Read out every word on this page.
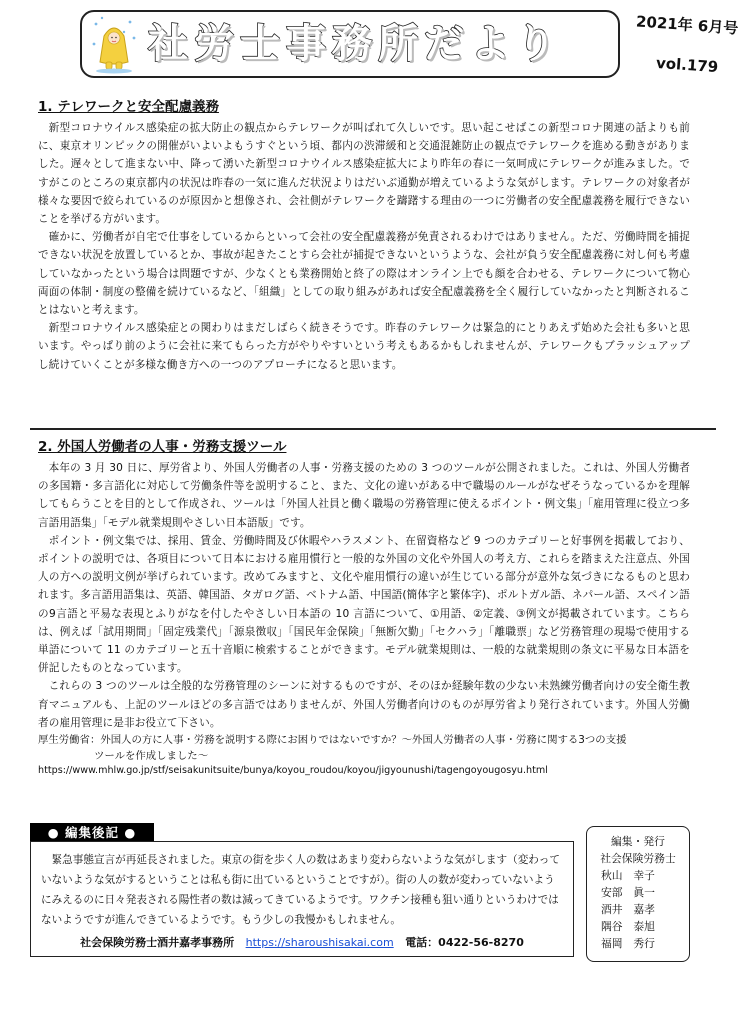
社労士事務所だより	2021年 6月号
vol.179
1. テレワークと安全配慮義務

新型コロナウイルス感染症の拡大防止の観点からテレワークが叫ばれて久しいです。思い起こせばこの新型コロナ関連の話よりも前に、東京オリンピックの開催がいよいよもうすぐという頃、都内の渋滞緩和と交通混雑防止の観点でテレワークを進める動きがありました。遅々として進まない中、降って湧いた新型コロナウイルス感染症拡大により昨年の春に一気呵成にテレワークが進みました。ですがこのところの東京都内の状況は昨春の一気に進んだ状況よりはだいぶ通勤が増えているような気がします。テレワークの対象者が様々な要因で絞られているのが原因かと想像され、会社側がテレワークを躊躇する理由の一つに労働者の安全配慮義務を履行できないことを挙げる方がいます。

確かに、労働者が自宅で仕事をしているからといって会社の安全配慮義務が免責されるわけではありません。ただ、労働時間を捕捉できない状況を放置しているとか、事故が起きたことすら会社が捕捉できないというような、会社が負う安全配慮義務に対し何も考慮していなかったという場合は問題ですが、少なくとも業務開始と終了の際はオンライン上でも顔を合わせる、テレワークについて物心両面の体制・制度の整備を続けているなど、「組織」としての取り組みがあれば安全配慮義務を全く履行していなかったと判断されることはないと考えます。

新型コロナウイルス感染症との関わりはまだしばらく続きそうです。昨春のテレワークは緊急的にとりあえず始めた会社も多いと思います。やっぱり前のように会社に来てもらった方がやりやすいという考えもあるかもしれませんが、テレワークもブラッシュアップし続けていくことが多様な働き方への一つのアプローチになると思います。

2. 外国人労働者の人事・労務支援ツール

本年の 3 月 30 日に、厚労省より、外国人労働者の人事・労務支援のための 3 つのツールが公開されました。これは、外国人労働者の多国籍・多言語化に対応して労働条件等を説明すること、また、文化の違いがある中で職場のルールがなぜそうなっているかを理解してもらうことを目的として作成され、ツールは「外国人社員と働く職場の労務管理に使えるポイント・例文集」「雇用管理に役立つ多言語用語集」「モデル就業規則やさしい日本語版」です。

ポイント・例文集では、採用、賃金、労働時間及び休暇やハラスメント、在留資格など 9 つのカテゴリーと好事例を掲載しており、ポイントの説明では、各項目について日本における雇用慣行と一般的な外国の文化や外国人の考え方、これらを踏まえた注意点、外国人の方への説明文例が挙げられています。改めてみますと、文化や雇用慣行の違いが生じている部分が意外な気づきになるものと思われます。多言語用語集は、英語、韓国語、タガログ語、ベトナム語、中国語(簡体字と繁体字)、ポルトガル語、ネパール語、スペイン語の9言語と平易な表現とふりがなを付したやさしい日本語の 10 言語について、①用語、②定義、③例文が掲載されています。こちらは、例えば「試用期間」「固定残業代」「源泉徴収」「国民年金保険」「無断欠勤」「セクハラ」「離職票」など労務管理の現場で使用する単語について 11 のカテゴリーと五十音順に検索することができます。モデル就業規則は、一般的な就業規則の条文に平易な日本語を併記したものとなっています。

これらの 3 つのツールは全般的な労務管理のシーンに対するものですが、そのほか経験年数の少ない未熟練労働者向けの安全衛生教育マニュアルも、上記のツールほどの多言語ではありませんが、外国人労働者向けのものが厚労省より発行されています。外国人労働者の雇用管理に是非お役立て下さい。

厚生労働省：外国人の方に人事・労務を説明する際にお困りではないですか？～外国人労働者の人事・労務に関する3つの支援

ツールを作成しました～

https://www.mhlw.go.jp/stf/seisakunitsuite/bunya/koyou_roudou/koyou/jigyounushi/tagengoyougosyu.html

● 編集後記 ●

緊急事態宣言が再延長されました。東京の街を歩く人の数はあまり変わらないような気がします（変わっていないような気がするということは私も街に出ているということですが）。街の人の数が変わっていないようにみえるのに日々発表される陽性者の数は減ってきているようです。ワクチン接種も狙い通りというわけではないようですが進んできているようです。もう少しの我慢かもしれません。

社会保険労務士酒井嘉孝事務所 https://sharoushisakai.com 電話：0422-56-8270
編集・発行
社会保険労務士
秋山　幸子
安部　眞一
酒井　嘉孝
隅谷　泰旭
福岡　秀行
